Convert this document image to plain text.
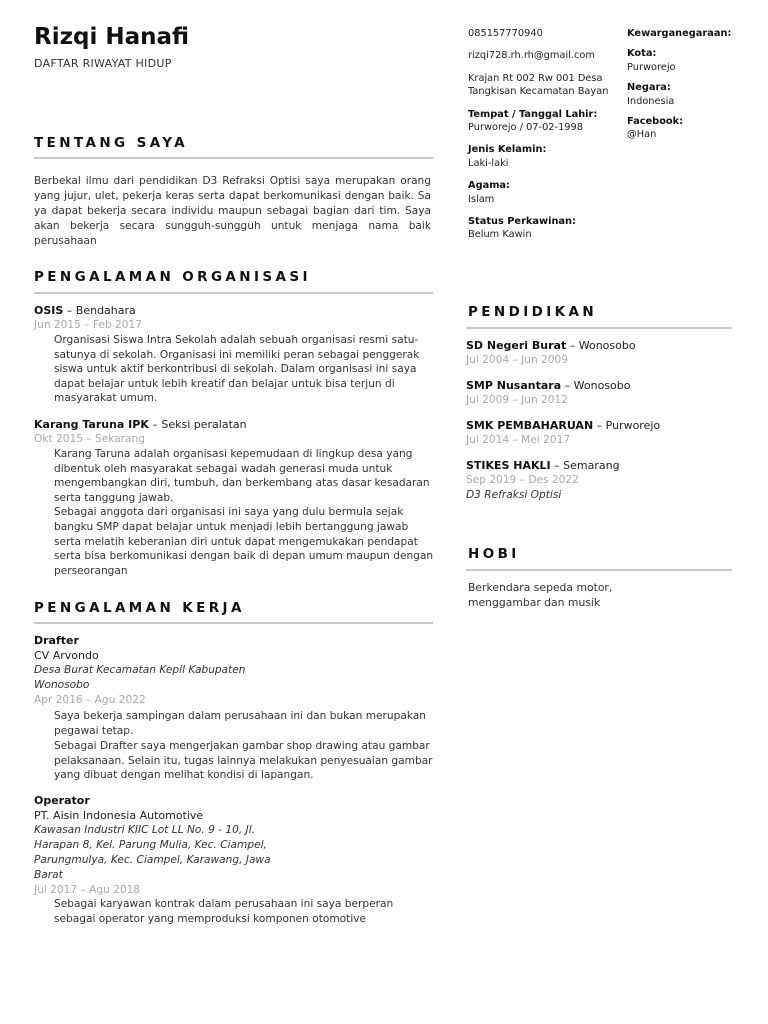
Rizqi Hanafi
DAFTAR RIWAYAT HIDUP
085157770940
rizqi728.rh.rh@gmail.com
Krajan Rt 002 Rw 001 Desa Tangkisan Kecamatan Bayan
Tempat / Tanggal Lahir:
Purworejo / 07-02-1998
Jenis Kelamin:
Laki-laki
Agama:
Islam
Status Perkawinan:
Belum Kawin
Kewarganegaraan:
Kota:
Purworejo
Negara:
Indonesia
Facebook:
@Han
TENTANG SAYA

Berbekal ilmu dari pendidikan D3 Refraksi Optisi saya merupakan orang yang jujur, ulet, pekerja keras serta dapat berkomunikasi dengan baik. Sa ya dapat bekerja secara individu maupun sebagai bagian dari tim. Saya akan bekerja secara sungguh-sungguh untuk menjaga nama baik perusahaan

PENGALAMAN ORGANISASI
OSIS – Bendahara
Jun 2015 – Feb 2017
Organisasi Siswa Intra Sekolah adalah sebuah organisasi resmi satu-satunya di sekolah. Organisasi ini memiliki peran sebagai penggerak siswa untuk aktif berkontribusi di sekolah. Dalam organisasi ini saya dapat belajar untuk lebih kreatif dan belajar untuk bisa terjun di masyarakat umum.
Karang Taruna IPK – Seksi peralatan
Okt 2015 – Sekarang
Karang Taruna adalah organisasi kepemudaan di lingkup desa yang dibentuk oleh masyarakat sebagai wadah generasi muda untuk mengembangkan diri, tumbuh, dan berkembang atas dasar kesadaran serta tanggung jawab.
Sebagai anggota dari organisasi ini saya yang dulu bermula sejak bangku SMP dapat belajar untuk menjadi lebih bertanggung jawab serta melatih keberanian diri untuk dapat mengemukakan pendapat serta bisa berkomunikasi dengan baik di depan umum maupun dengan perseorangan
PENGALAMAN KERJA
Drafter
CV Arvondo
Desa Burat Kecamatan Kepil Kabupaten Wonosobo
Apr 2016 – Agu 2022
Saya bekerja sampingan dalam perusahaan ini dan bukan merupakan pegawai tetap.
Sebagai Drafter saya mengerjakan gambar shop drawing atau gambar pelaksanaan. Selain itu, tugas lainnya melakukan penyesuaian gambar yang dibuat dengan melihat kondisi di lapangan.
Operator
PT. Aisin Indonesia Automotive
Kawasan Industri KIIC Lot LL No. 9 - 10, Jl. Harapan 8, Kel. Parung Mulia, Kec. Ciampel, Parungmulya, Kec. Ciampel, Karawang, Jawa Barat
Jul 2017 – Agu 2018
Sebagai karyawan kontrak dalam perusahaan ini saya berperan sebagai operator yang memproduksi komponen otomotive
PENDIDIKAN
SD Negeri Burat – Wonosobo
Jul 2004 – Jun 2009
SMP Nusantara – Wonosobo
Jul 2009 – Jun 2012
SMK PEMBAHARUAN – Purworejo
Jul 2014 – Mei 2017
STIKES HAKLI – Semarang
Sep 2019 – Des 2022
D3 Refraksi Optisi
HOBI
Berkendara sepeda motor, menggambar dan musik
